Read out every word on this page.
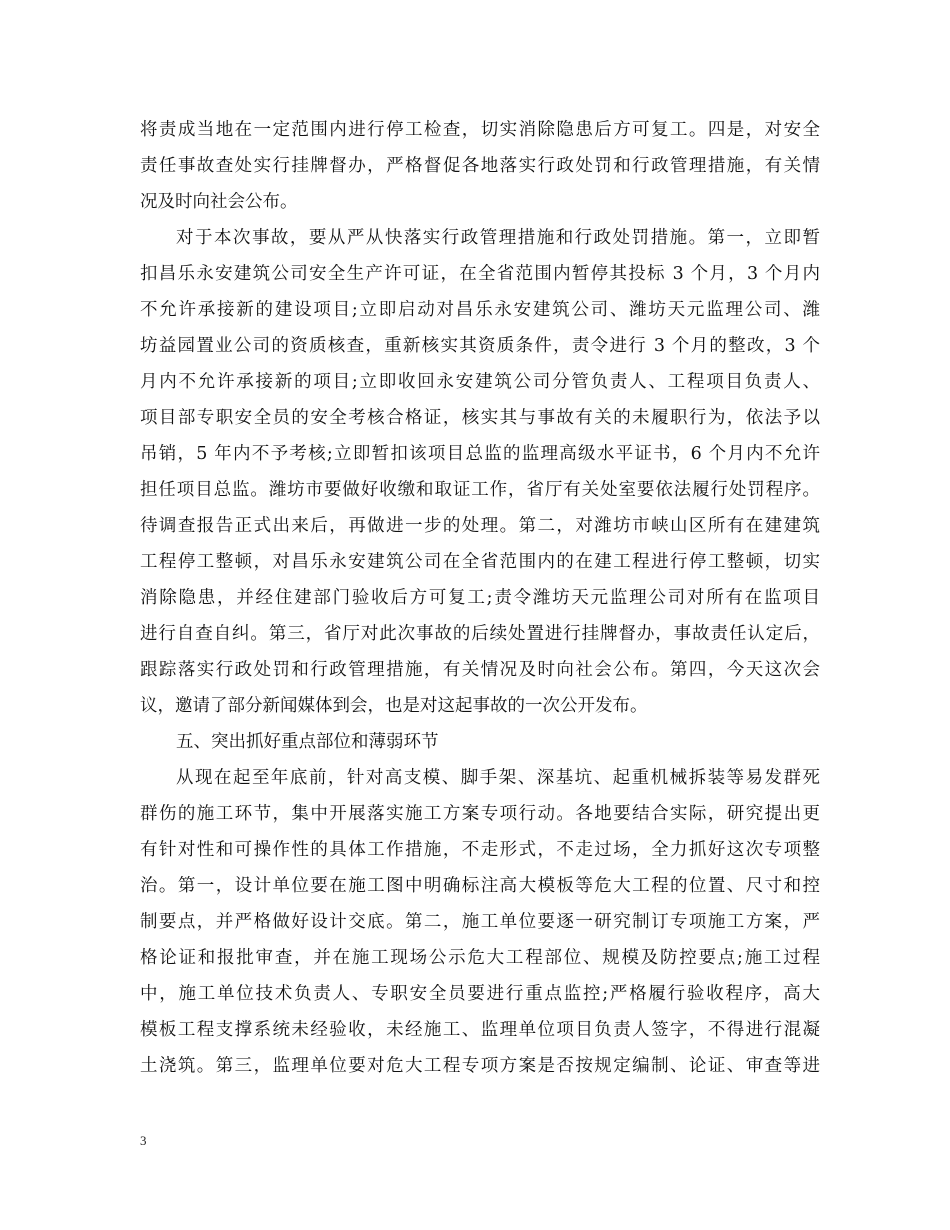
将责成当地在一定范围内进行停工检查，切实消除隐患后方可复工。四是，对安全
责任事故查处实行挂牌督办，严格督促各地落实行政处罚和行政管理措施，有关情
况及时向社会公布。
对于本次事故，要从严从快落实行政管理措施和行政处罚措施。第一，立即暂
扣昌乐永安建筑公司安全生产许可证，在全省范围内暂停其投标 3 个月，3 个月内
不允许承接新的建设项目;立即启动对昌乐永安建筑公司、潍坊天元监理公司、潍
坊益园置业公司的资质核查，重新核实其资质条件，责令进行 3 个月的整改，3 个
月内不允许承接新的项目;立即收回永安建筑公司分管负责人、工程项目负责人、
项目部专职安全员的安全考核合格证，核实其与事故有关的未履职行为，依法予以
吊销，5 年内不予考核;立即暂扣该项目总监的监理高级水平证书，6 个月内不允许
担任项目总监。潍坊市要做好收缴和取证工作，省厅有关处室要依法履行处罚程序。
待调查报告正式出来后，再做进一步的处理。第二，对潍坊市峡山区所有在建建筑
工程停工整顿，对昌乐永安建筑公司在全省范围内的在建工程进行停工整顿，切实
消除隐患，并经住建部门验收后方可复工;责令潍坊天元监理公司对所有在监项目
进行自查自纠。第三，省厅对此次事故的后续处置进行挂牌督办，事故责任认定后，
跟踪落实行政处罚和行政管理措施，有关情况及时向社会公布。第四，今天这次会
议，邀请了部分新闻媒体到会，也是对这起事故的一次公开发布。
五、突出抓好重点部位和薄弱环节
从现在起至年底前，针对高支模、脚手架、深基坑、起重机械拆装等易发群死
群伤的施工环节，集中开展落实施工方案专项行动。各地要结合实际，研究提出更
有针对性和可操作性的具体工作措施，不走形式，不走过场，全力抓好这次专项整
治。第一，设计单位要在施工图中明确标注高大模板等危大工程的位置、尺寸和控
制要点，并严格做好设计交底。第二，施工单位要逐一研究制订专项施工方案，严
格论证和报批审查，并在施工现场公示危大工程部位、规模及防控要点;施工过程
中，施工单位技术负责人、专职安全员要进行重点监控;严格履行验收程序，高大
模板工程支撑系统未经验收，未经施工、监理单位项目负责人签字，不得进行混凝
土浇筑。第三，监理单位要对危大工程专项方案是否按规定编制、论证、审查等进
3
